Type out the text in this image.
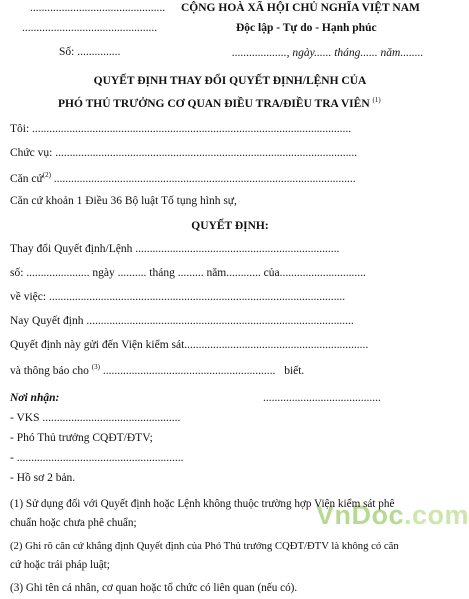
...............................................
...............................................
Số: ...............
CỘNG HOÀ XÃ HỘI CHỦ NGHĨA VIỆT NAM
Độc lập - Tự do - Hạnh phúc
..................., ngày...... tháng...... năm........
QUYẾT ĐỊNH THAY ĐỔI QUYẾT ĐỊNH/LỆNH CỦA
PHÓ THỦ TRƯỞNG CƠ QUAN ĐIỀU TRA/ĐIỀU TRA VIÊN $^{(1)}$
Tôi: ...............................................................................................................
Chức vụ: .........................................................................................................
Căn cứ$^{(2)}$ .........................................................................................................
Căn cứ khoản 1 Điều 36 Bộ luật Tố tụng hình sự,
QUYẾT ĐỊNH:
Thay đổi Quyết định/Lệnh .......................................................................
số: ...................... ngày .......... tháng ......... năm............ của..............................
về việc: .......................................................................................................
Nay Quyết định .............................................................................................
Quyết định này gửi đến Viện kiểm sát................................................................
và thông báo cho $^{(3)}$ ............................................................ biết.
Nơi nhận:	.........................................
- VKS ................................................
- Phó Thủ trưởng CQĐT/ĐTV;
- ..........................................................
- Hồ sơ 2 bản.
VnDoc.com
(1) Sử dụng đối với Quyết định hoặc Lệnh không thuộc trường hợp Viện kiểm sát phê
chuẩn hoặc chưa phê chuẩn;
(2) Ghi rõ căn cứ khẳng định Quyết định của Phó Thủ trưởng CQĐT/ĐTV là không có căn
cứ hoặc trái pháp luật;
(3) Ghi tên cá nhân, cơ quan hoặc tổ chức có liên quan (nếu có).
